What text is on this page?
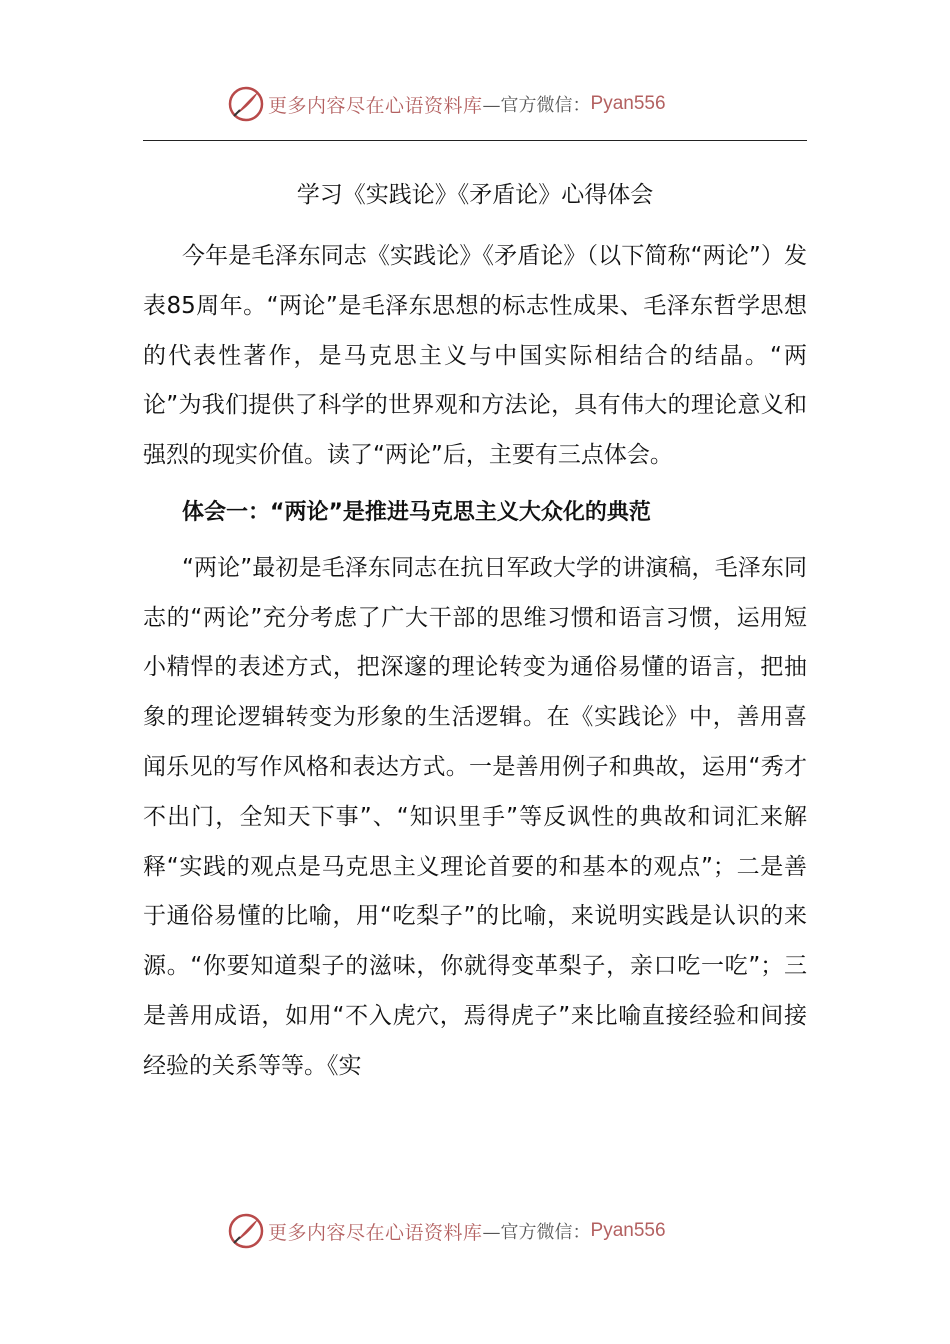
更多内容尽在心语资料库 —官方微信： Pyan556
学习《实践论》《矛盾论》心得体会

今年是毛泽东同志《实践论》《矛盾论》（以下简称“两论”）发表85周年。“两论”是毛泽东思想的标志性成果、毛泽东哲学思想的代表性著作，是马克思主义与中国实际相结合的结晶。“两论”为我们提供了科学的世界观和方法论，具有伟大的理论意义和强烈的现实价值。读了“两论”后，主要有三点体会。

体会一：“两论”是推进马克思主义大众化的典范

“两论”最初是毛泽东同志在抗日军政大学的讲演稿，毛泽东同志的“两论”充分考虑了广大干部的思维习惯和语言习惯，运用短小精悍的表述方式，把深邃的理论转变为通俗易懂的语言，把抽象的理论逻辑转变为形象的生活逻辑。在《实践论》中，善用喜闻乐见的写作风格和表达方式。一是善用例子和典故，运用“秀才不出门，全知天下事”、“知识里手”等反讽性的典故和词汇来解释“实践的观点是马克思主义理论首要的和基本的观点”；二是善于通俗易懂的比喻，用“吃梨子”的比喻，来说明实践是认识的来源。“你要知道梨子的滋味，你就得变革梨子，亲口吃一吃”；三是善用成语，如用“不入虎穴，焉得虎子”来比喻直接经验和间接经验的关系等等。《实

更多内容尽在心语资料库 —官方微信： Pyan556
